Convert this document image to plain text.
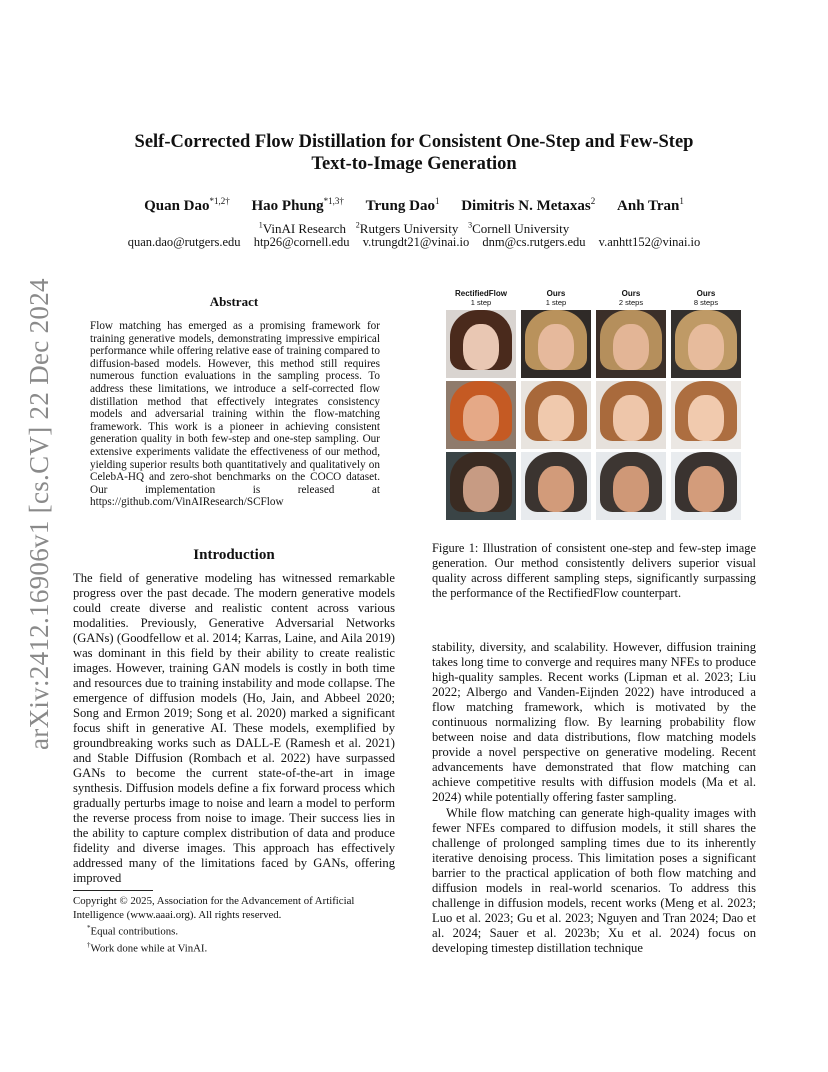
arXiv:2412.16906v1 [cs.CV] 22 Dec 2024
Self-Corrected Flow Distillation for Consistent One-Step and Few-Step
Text-to-Image Generation
Quan Dao$^{*1,2\dagger}$ Hao Phung$^{*1,3\dagger}$ Trung Dao$^1$ Dimitris N. Metaxas$^2$ Anh Tran$^1$
$^1$VinAI Research $^2$Rutgers University $^3$Cornell University
quan.dao@rutgers.edu htp26@cornell.edu v.trungdt21@vinai.io dnm@cs.rutgers.edu v.anhtt152@vinai.io
Abstract
Flow matching has emerged as a promising framework for training generative models, demonstrating impressive empirical performance while offering relative ease of training compared to diffusion-based models. However, this method still requires numerous function evaluations in the sampling process. To address these limitations, we introduce a self-corrected flow distillation method that effectively integrates consistency models and adversarial training within the flow-matching framework. This work is a pioneer in achieving consistent generation quality in both few-step and one-step sampling. Our extensive experiments validate the effectiveness of our method, yielding superior results both quantitatively and qualitatively on CelebA-HQ and zero-shot benchmarks on the COCO dataset. Our implementation is released at https://github.com/VinAIResearch/SCFlow
Introduction
The field of generative modeling has witnessed remarkable progress over the past decade. The modern generative models could create diverse and realistic content across various modalities. Previously, Generative Adversarial Networks (GANs) (Goodfellow et al. 2014; Karras, Laine, and Aila 2019) was dominant in this field by their ability to create realistic images. However, training GAN models is costly in both time and resources due to training instability and mode collapse. The emergence of diffusion models (Ho, Jain, and Abbeel 2020; Song and Ermon 2019; Song et al. 2020) marked a significant focus shift in generative AI. These models, exemplified by groundbreaking works such as DALL-E (Ramesh et al. 2021) and Stable Diffusion (Rombach et al. 2022) have surpassed GANs to become the current state-of-the-art in image synthesis. Diffusion models define a fix forward process which gradually perturbs image to noise and learn a model to perform the reverse process from noise to image. Their success lies in the ability to capture complex distribution of data and produce fidelity and diverse images. This approach has effectively addressed many of the limitations faced by GANs, offering improved
Copyright © 2025, Association for the Advancement of Artificial Intelligence (www.aaai.org). All rights reserved.
*Equal contributions.
†Work done while at VinAI.
RectifiedFlow
1 step
Ours
1 step
Ours
2 steps
Ours
8 steps
Figure 1: Illustration of consistent one-step and few-step image generation. Our method consistently delivers superior visual quality across different sampling steps, significantly surpassing the performance of the RectifiedFlow counterpart.
stability, diversity, and scalability. However, diffusion training takes long time to converge and requires many NFEs to produce high-quality samples. Recent works (Lipman et al. 2023; Liu 2022; Albergo and Vanden-Eijnden 2022) have introduced a flow matching framework, which is motivated by the continuous normalizing flow. By learning probability flow between noise and data distributions, flow matching models provide a novel perspective on generative modeling. Recent advancements have demonstrated that flow matching can achieve competitive results with diffusion models (Ma et al. 2024) while potentially offering faster sampling.
While flow matching can generate high-quality images with fewer NFEs compared to diffusion models, it still shares the challenge of prolonged sampling times due to its inherently iterative denoising process. This limitation poses a significant barrier to the practical application of both flow matching and diffusion models in real-world scenarios. To address this challenge in diffusion models, recent works (Meng et al. 2023; Luo et al. 2023; Gu et al. 2023; Nguyen and Tran 2024; Dao et al. 2024; Sauer et al. 2023b; Xu et al. 2024) focus on developing timestep distillation technique
